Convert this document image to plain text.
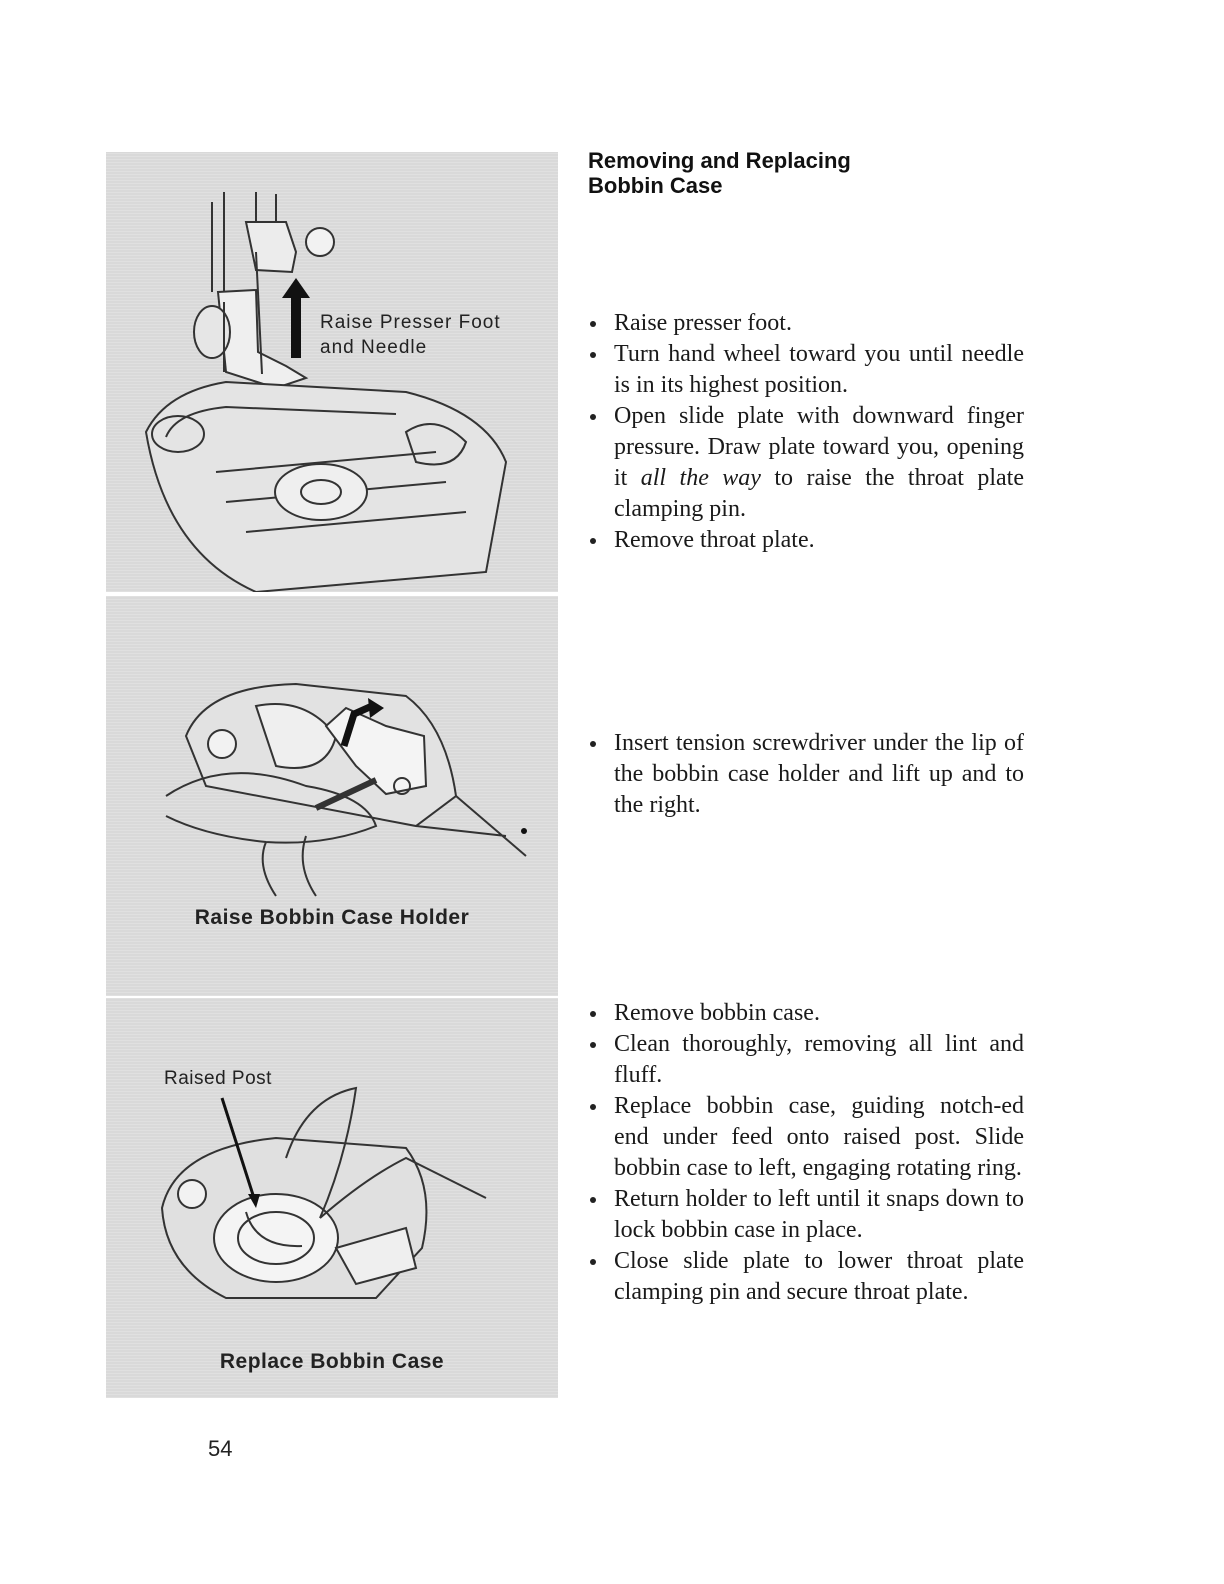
Raise Presser Foot
and Needle
Raise Bobbin Case Holder
Raised Post
Replace Bobbin Case
Removing and Replacing
Bobbin Case
Raise presser foot.
Turn hand wheel toward you until needle is in its highest position.
Open slide plate with downward finger pressure. Draw plate toward you, opening it all the way to raise the throat plate clamping pin.
Remove throat plate.
Insert tension screwdriver under the lip of the bobbin case holder and lift up and to the right.
Remove bobbin case.
Clean thoroughly, removing all lint and fluff.
Replace bobbin case, guiding notch-ed end under feed onto raised post. Slide bobbin case to left, engaging rotating ring.
Return holder to left until it snaps down to lock bobbin case in place.
Close slide plate to lower throat plate clamping pin and secure throat plate.
54
